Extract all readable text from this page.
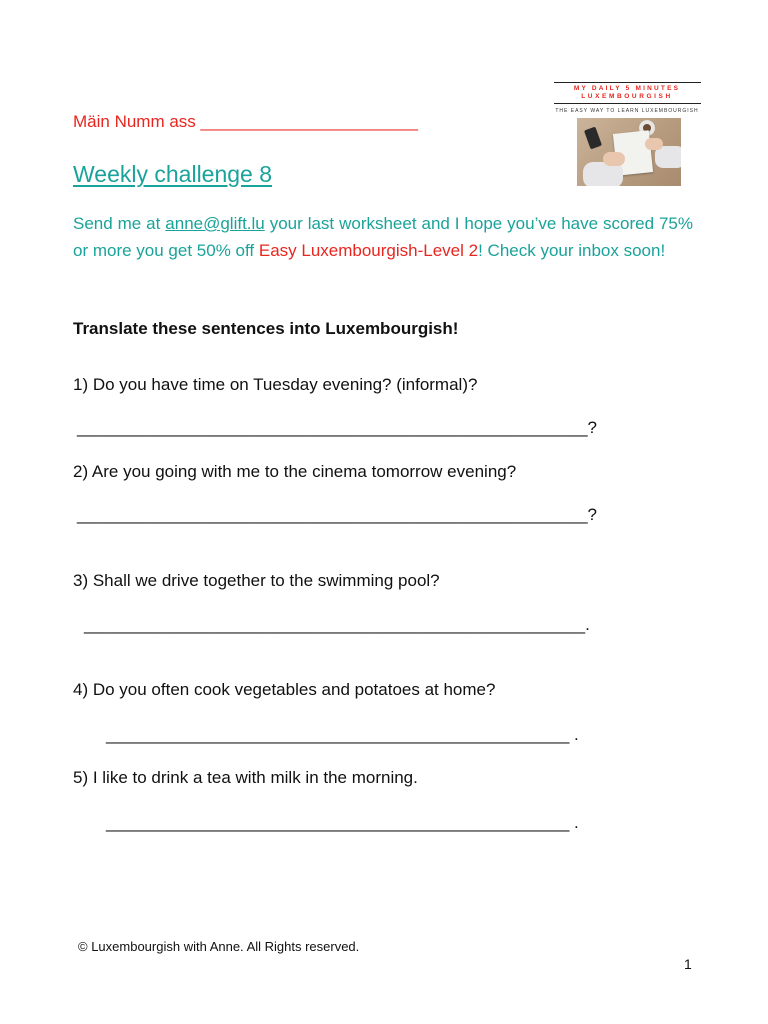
Mäin Numm ass _______________________
MY DAILY 5 MINUTES
LUXEMBOURGISH
THE EASY WAY TO LEARN LUXEMBOURGISH
Weekly challenge 8
Send me at anne@glift.lu your last worksheet and I hope you’ve have scored 75% or more you get 50% off Easy Luxembourgish-Level 2! Check your inbox soon!
Translate these sentences into Luxembourgish!
1) Do you have time on Tuesday evening? (informal)?
______________________________________________________?
2) Are you going with me to the cinema tomorrow evening?
______________________________________________________?
3) Shall we drive together to the swimming pool?
_____________________________________________________.
4) Do you often cook vegetables and potatoes at home?
_________________________________________________ .
5) I like to drink a tea with milk in the morning.
_________________________________________________ .
© Luxembourgish with Anne. All Rights reserved.
1
